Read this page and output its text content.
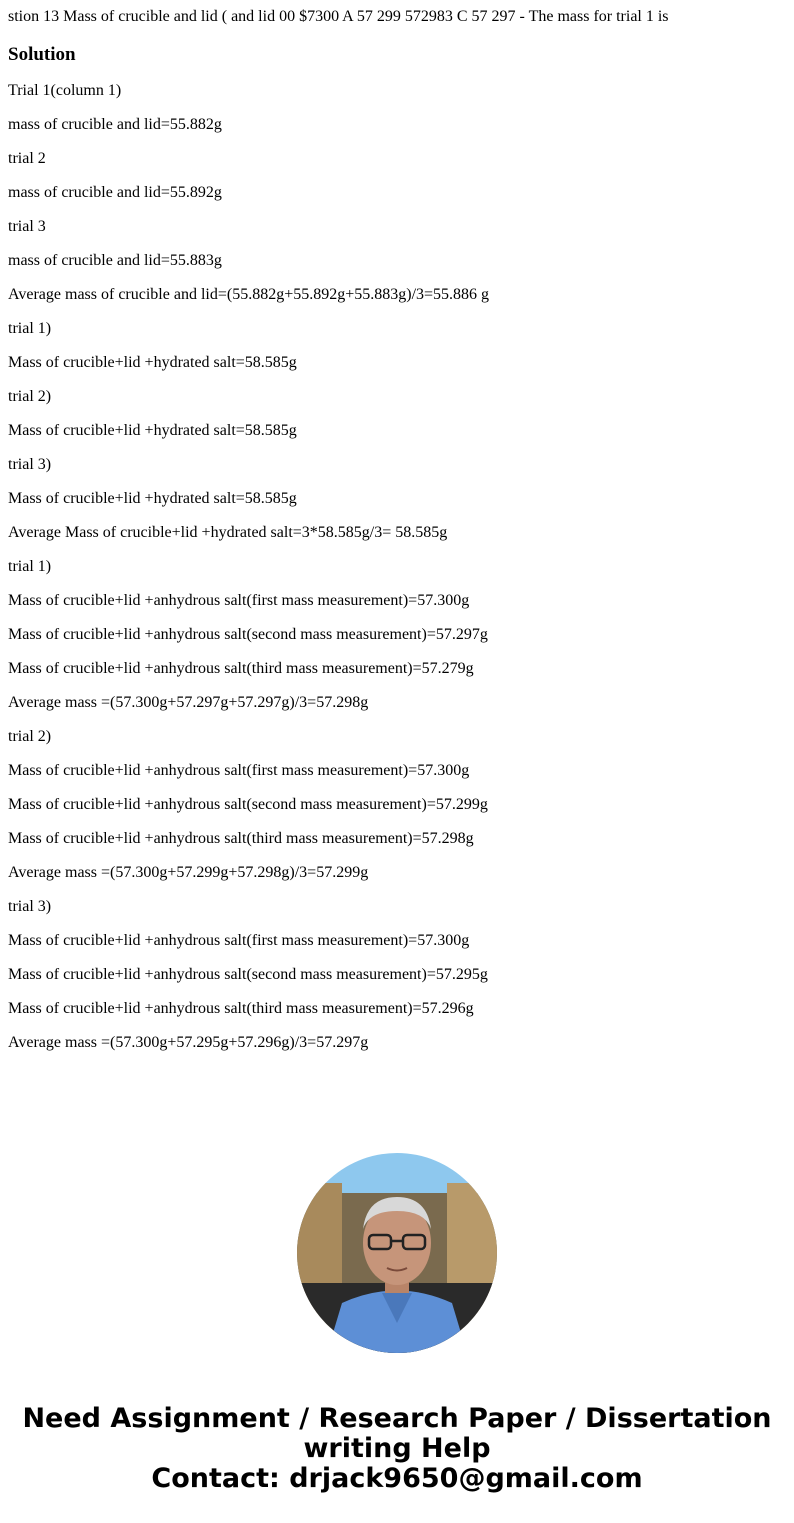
stion 13 Mass of crucible and lid ( and lid 00 $7300 A 57 299 572983 C 57 297 - The mass for trial 1 is

Solution

Trial 1(column 1)

mass of crucible and lid=55.882g

trial 2

mass of crucible and lid=55.892g

trial 3

mass of crucible and lid=55.883g

Average mass of crucible and lid=(55.882g+55.892g+55.883g)/3=55.886 g

trial 1)

Mass of crucible+lid +hydrated salt=58.585g

trial 2)

Mass of crucible+lid +hydrated salt=58.585g

trial 3)

Mass of crucible+lid +hydrated salt=58.585g

Average Mass of crucible+lid +hydrated salt=3*58.585g/3= 58.585g

trial 1)

Mass of crucible+lid +anhydrous salt(first mass measurement)=57.300g

Mass of crucible+lid +anhydrous salt(second mass measurement)=57.297g

Mass of crucible+lid +anhydrous salt(third mass measurement)=57.279g

Average mass =(57.300g+57.297g+57.297g)/3=57.298g

trial 2)

Mass of crucible+lid +anhydrous salt(first mass measurement)=57.300g

Mass of crucible+lid +anhydrous salt(second mass measurement)=57.299g

Mass of crucible+lid +anhydrous salt(third mass measurement)=57.298g

Average mass =(57.300g+57.299g+57.298g)/3=57.299g

trial 3)

Mass of crucible+lid +anhydrous salt(first mass measurement)=57.300g

Mass of crucible+lid +anhydrous salt(second mass measurement)=57.295g

Mass of crucible+lid +anhydrous salt(third mass measurement)=57.296g

Average mass =(57.300g+57.295g+57.296g)/3=57.297g

Need Assignment / Research Paper / Dissertation
writing Help
Contact: drjack9650@gmail.com
